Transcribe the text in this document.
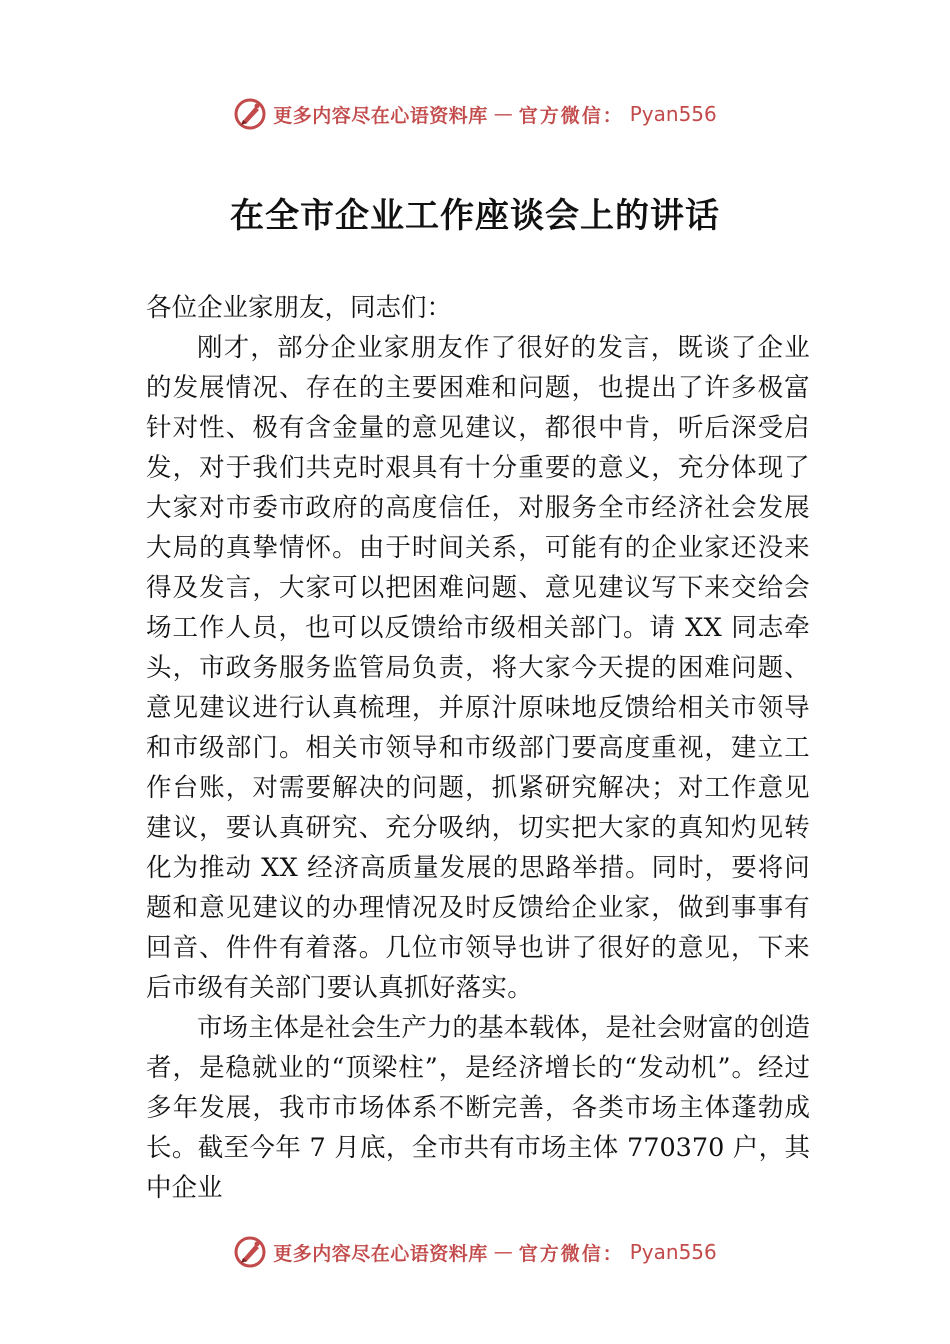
更多内容尽在心语资料库 — 官方微信： Pyan556
在全市企业工作座谈会上的讲话

各位企业家朋友，同志们：

刚才，部分企业家朋友作了很好的发言，既谈了企业的发展情况、存在的主要困难和问题，也提出了许多极富针对性、极有含金量的意见建议，都很中肯，听后深受启发，对于我们共克时艰具有十分重要的意义，充分体现了大家对市委市政府的高度信任，对服务全市经济社会发展大局的真挚情怀。由于时间关系，可能有的企业家还没来得及发言，大家可以把困难问题、意见建议写下来交给会场工作人员，也可以反馈给市级相关部门。请 XX 同志牵头，市政务服务监管局负责，将大家今天提的困难问题、意见建议进行认真梳理，并原汁原味地反馈给相关市领导和市级部门。相关市领导和市级部门要高度重视，建立工作台账，对需要解决的问题，抓紧研究解决；对工作意见建议，要认真研究、充分吸纳，切实把大家的真知灼见转化为推动 XX 经济高质量发展的思路举措。同时，要将问题和意见建议的办理情况及时反馈给企业家，做到事事有回音、件件有着落。几位市领导也讲了很好的意见，下来后市级有关部门要认真抓好落实。

市场主体是社会生产力的基本载体，是社会财富的创造者，是稳就业的“顶梁柱”，是经济增长的“发动机”。经过多年发展，我市市场体系不断完善，各类市场主体蓬勃成长。截至今年 7 月底，全市共有市场主体 770370 户，其中企业

更多内容尽在心语资料库 — 官方微信： Pyan556
